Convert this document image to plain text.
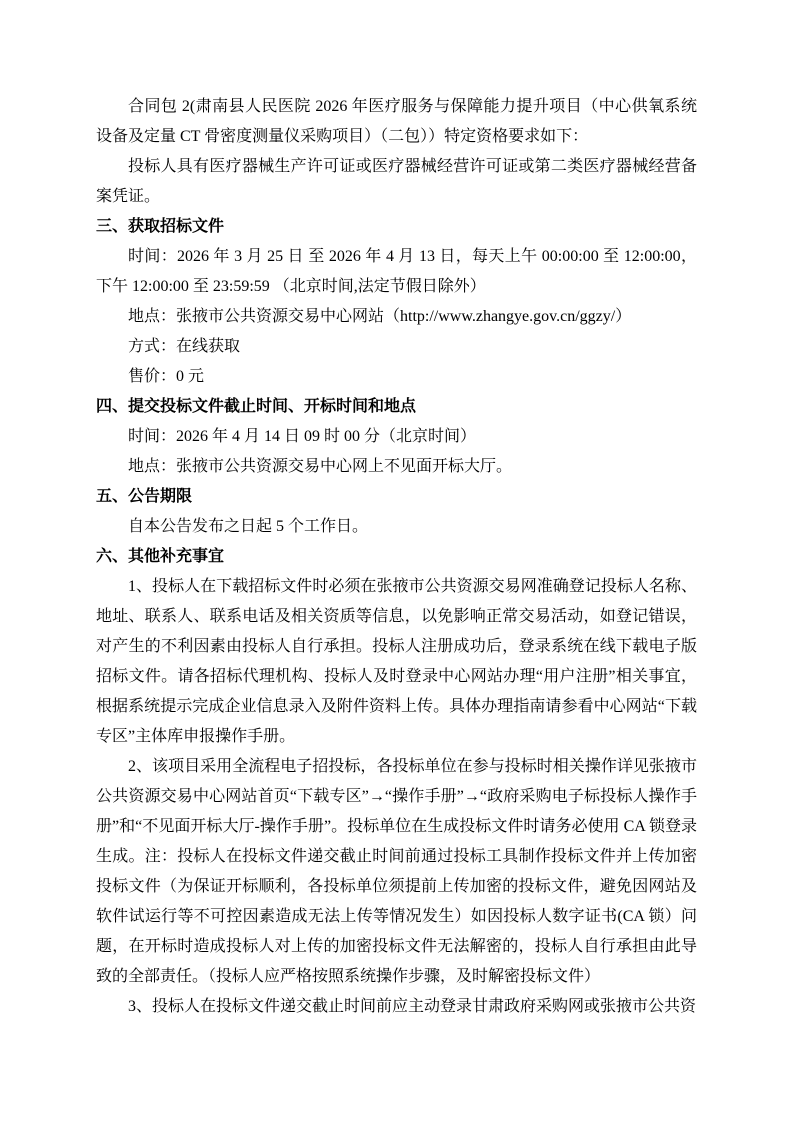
合同包 2(肃南县人民医院 2026 年医疗服务与保障能力提升项目（中心供氧系统设备及定量 CT 骨密度测量仪采购项目）（二包））特定资格要求如下：

投标人具有医疗器械生产许可证或医疗器械经营许可证或第二类医疗器械经营备案凭证。

三、获取招标文件

时间：2026 年 3 月 25 日 至 2026 年 4 月 13 日，每天上午 00:00:00 至 12:00:00，下午 12:00:00 至 23:59:59 （北京时间,法定节假日除外）

地点：张掖市公共资源交易中心网站（http://www.zhangye.gov.cn/ggzy/）

方式：在线获取

售价：0 元

四、提交投标文件截止时间、开标时间和地点

时间：2026 年 4 月 14 日 09 时 00 分（北京时间）

地点：张掖市公共资源交易中心网上不见面开标大厅。

五、公告期限

自本公告发布之日起 5 个工作日。

六、其他补充事宜

1、投标人在下载招标文件时必须在张掖市公共资源交易网准确登记投标人名称、地址、联系人、联系电话及相关资质等信息，以免影响正常交易活动，如登记错误，对产生的不利因素由投标人自行承担。投标人注册成功后，登录系统在线下载电子版招标文件。请各招标代理机构、投标人及时登录中心网站办理“用户注册”相关事宜，根据系统提示完成企业信息录入及附件资料上传。具体办理指南请参看中心网站“下载专区”主体库申报操作手册。

2、该项目采用全流程电子招投标，各投标单位在参与投标时相关操作详见张掖市公共资源交易中心网站首页“下载专区”→“操作手册”→“政府采购电子标投标人操作手册”和“不见面开标大厅-操作手册”。投标单位在生成投标文件时请务必使用 CA 锁登录生成。注：投标人在投标文件递交截止时间前通过投标工具制作投标文件并上传加密投标文件（为保证开标顺利，各投标单位须提前上传加密的投标文件，避免因网站及软件试运行等不可控因素造成无法上传等情况发生）如因投标人数字证书(CA 锁）问题，在开标时造成投标人对上传的加密投标文件无法解密的，投标人自行承担由此导致的全部责任。（投标人应严格按照系统操作步骤，及时解密投标文件）

3、投标人在投标文件递交截止时间前应主动登录甘肃政府采购网或张掖市公共资
